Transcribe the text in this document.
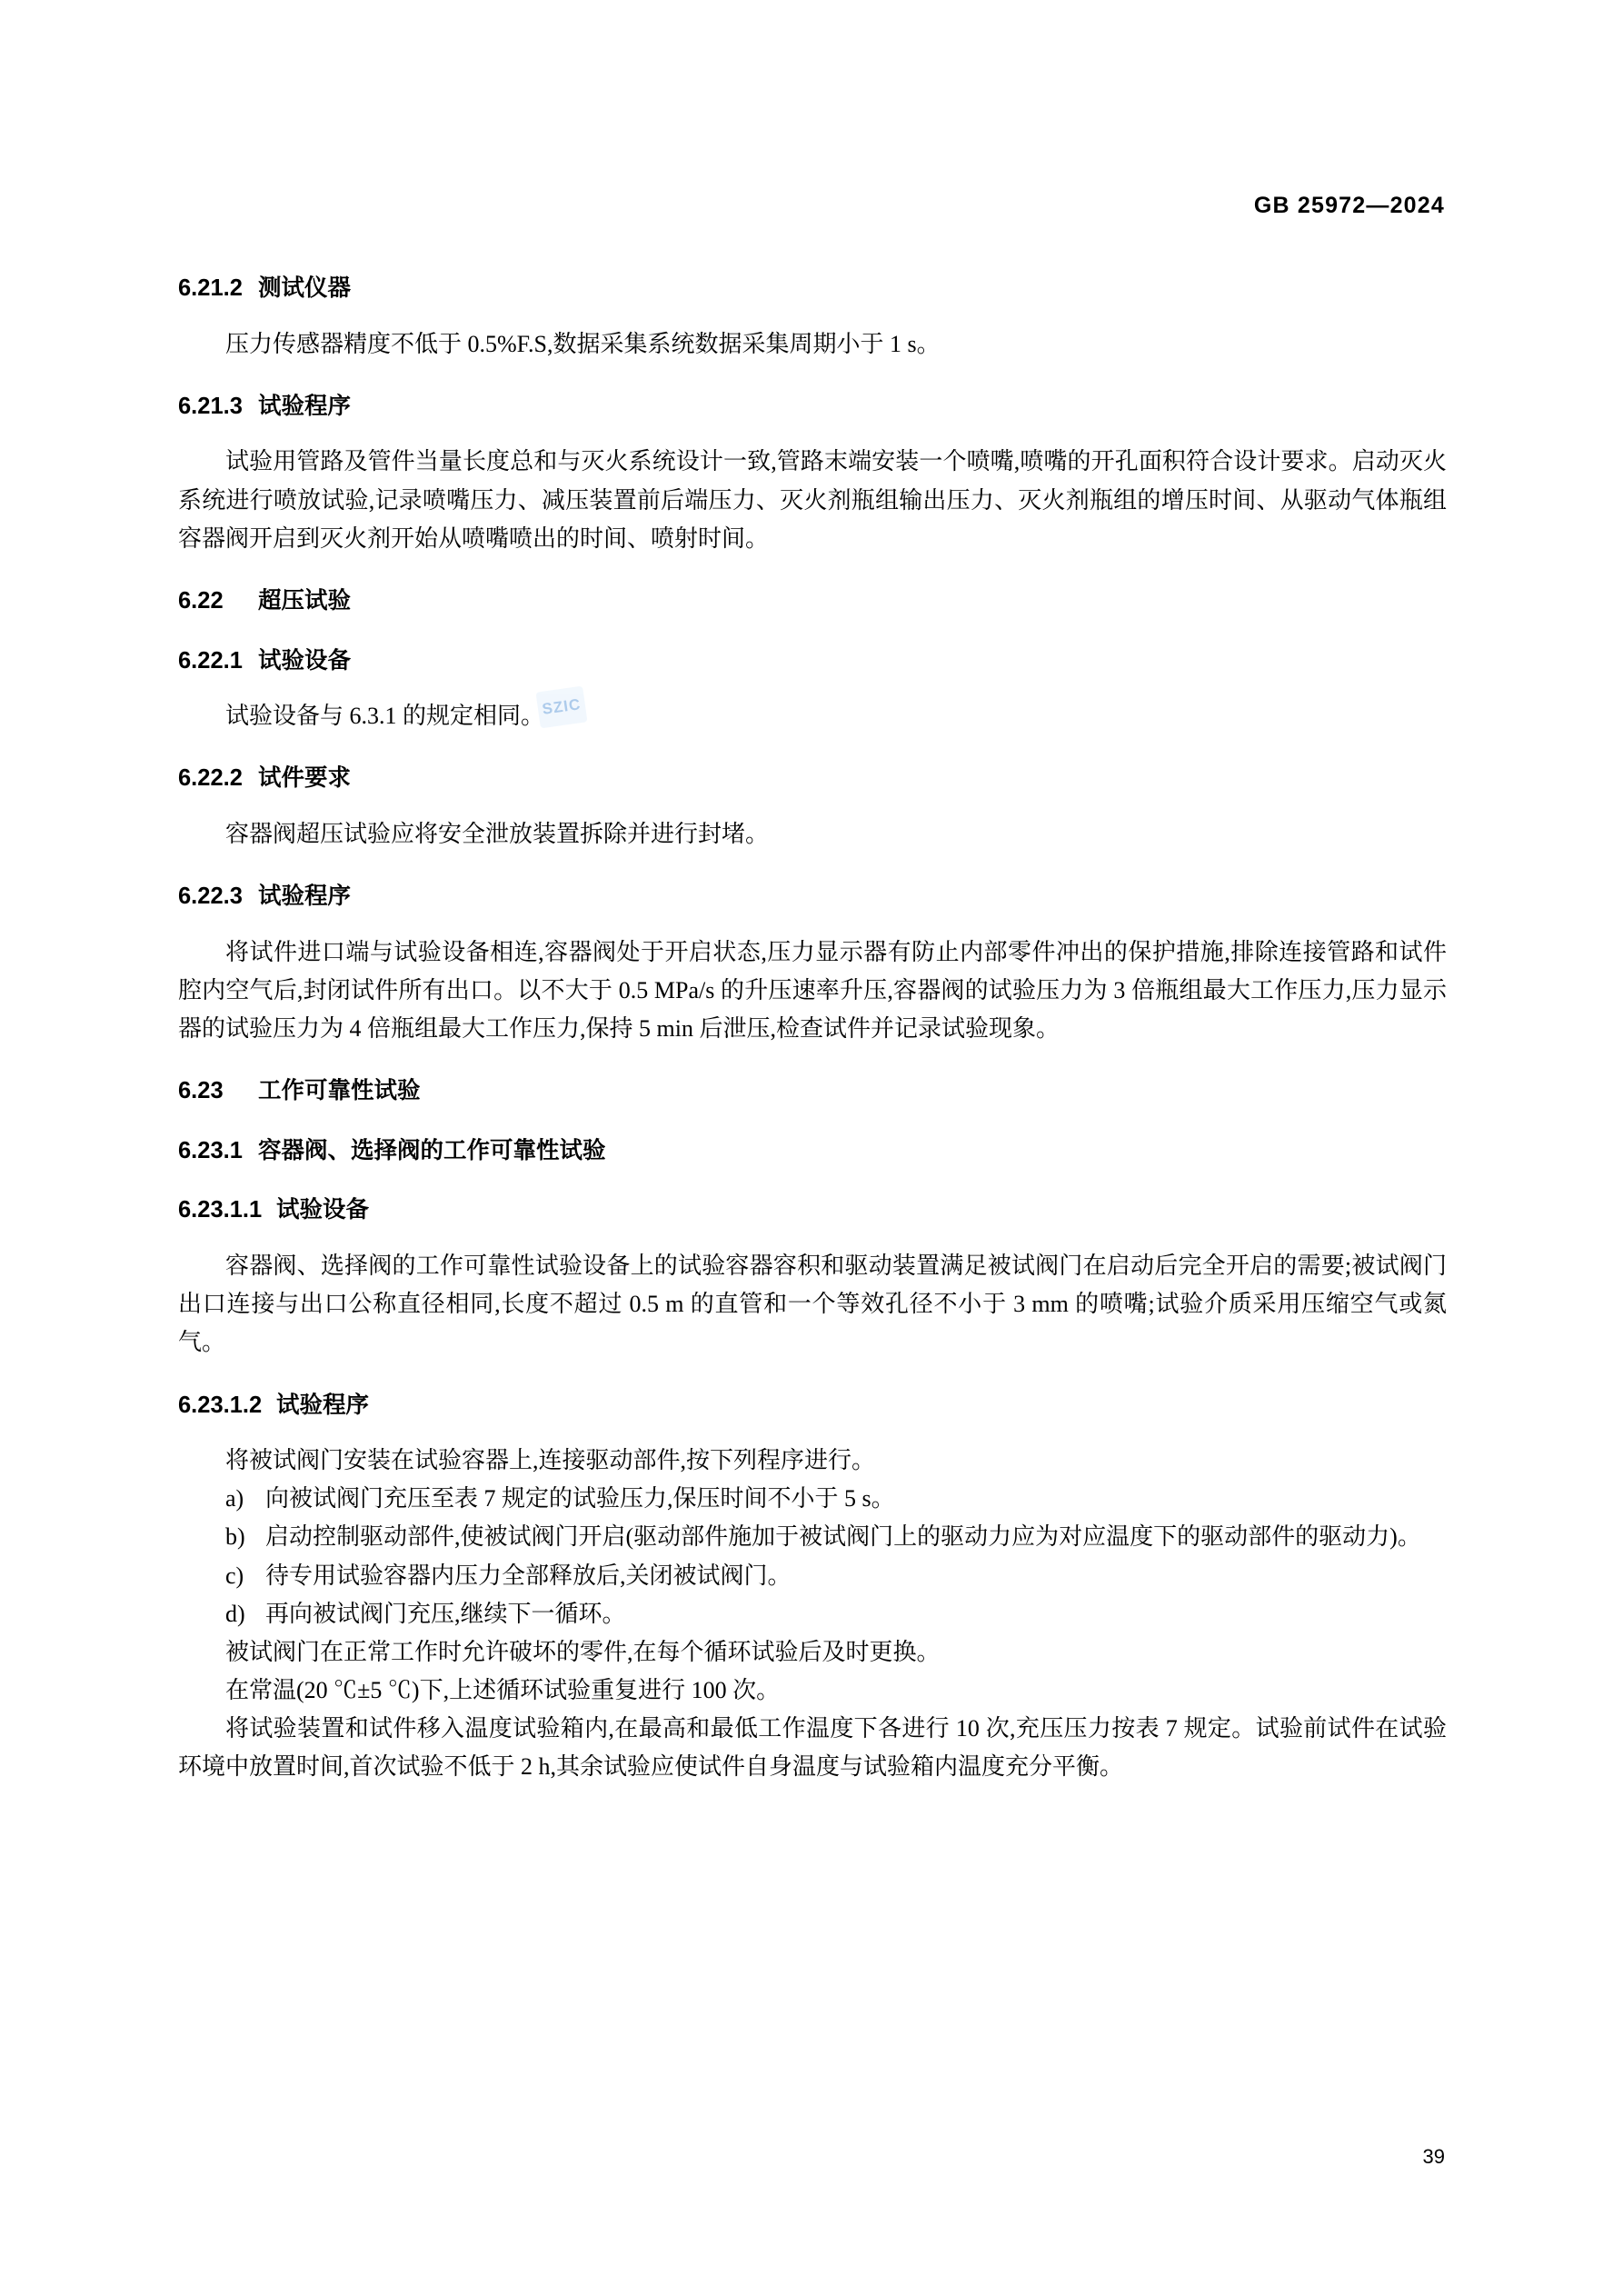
GB 25972—2024
SZIC
6.21.2 测试仪器

压力传感器精度不低于 0.5%F.S,数据采集系统数据采集周期小于 1 s。

6.21.3 试验程序

试验用管路及管件当量长度总和与灭火系统设计一致,管路末端安装一个喷嘴,喷嘴的开孔面积符合设计要求。启动灭火系统进行喷放试验,记录喷嘴压力、减压装置前后端压力、灭火剂瓶组输出压力、灭火剂瓶组的增压时间、从驱动气体瓶组容器阀开启到灭火剂开始从喷嘴喷出的时间、喷射时间。

6.22 超压试验
6.22.1 试验设备

试验设备与 6.3.1 的规定相同。

6.22.2 试件要求

容器阀超压试验应将安全泄放装置拆除并进行封堵。

6.22.3 试验程序

将试件进口端与试验设备相连,容器阀处于开启状态,压力显示器有防止内部零件冲出的保护措施,排除连接管路和试件腔内空气后,封闭试件所有出口。以不大于 0.5 MPa/s 的升压速率升压,容器阀的试验压力为 3 倍瓶组最大工作压力,压力显示器的试验压力为 4 倍瓶组最大工作压力,保持 5 min 后泄压,检查试件并记录试验现象。

6.23 工作可靠性试验
6.23.1 容器阀、选择阀的工作可靠性试验
6.23.1.1 试验设备

容器阀、选择阀的工作可靠性试验设备上的试验容器容积和驱动装置满足被试阀门在启动后完全开启的需要;被试阀门出口连接与出口公称直径相同,长度不超过 0.5 m 的直管和一个等效孔径不小于 3 mm 的喷嘴;试验介质采用压缩空气或氮气。

6.23.1.2 试验程序

将被试阀门安装在试验容器上,连接驱动部件,按下列程序进行。

a) 向被试阀门充压至表 7 规定的试验压力,保压时间不小于 5 s。
b) 启动控制驱动部件,使被试阀门开启(驱动部件施加于被试阀门上的驱动力应为对应温度下的驱动部件的驱动力)。
c) 待专用试验容器内压力全部释放后,关闭被试阀门。
d) 再向被试阀门充压,继续下一循环。

被试阀门在正常工作时允许破坏的零件,在每个循环试验后及时更换。

在常温(20 ℃±5 ℃)下,上述循环试验重复进行 100 次。

将试验装置和试件移入温度试验箱内,在最高和最低工作温度下各进行 10 次,充压压力按表 7 规定。试验前试件在试验环境中放置时间,首次试验不低于 2 h,其余试验应使试件自身温度与试验箱内温度充分平衡。

39
